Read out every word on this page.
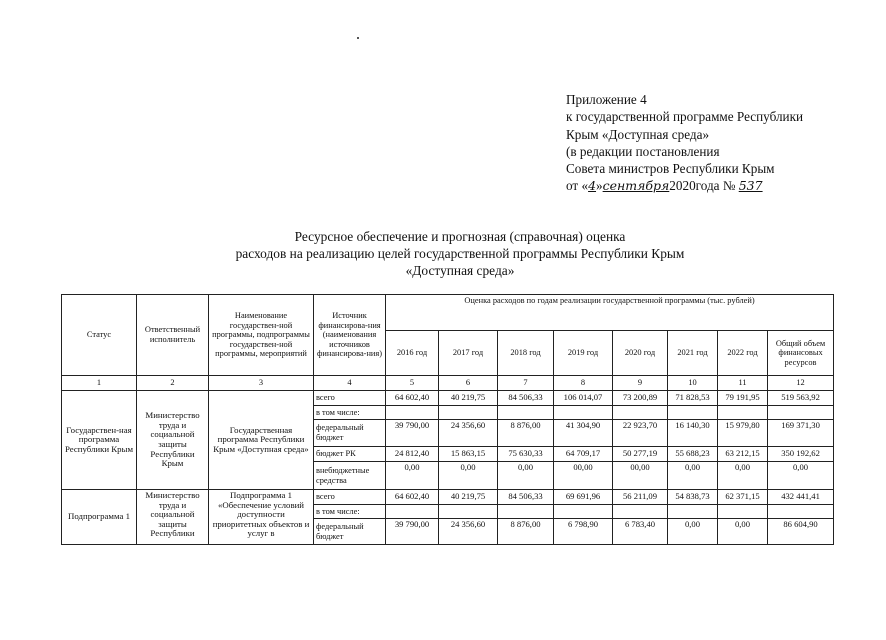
Приложение 4
к государственной программе Республики
Крым «Доступная среда»
(в редакции постановления
Совета министров Республики Крым
от «4»сентября2020года № 537
Ресурсное обеспечение и прогнозная (справочная) оценка
расходов на реализацию целей государственной программы Республики Крым
«Доступная среда»
Статус	Ответственный исполнитель	Наименование государствен-ной программы, подпрограммы государствен-ной программы, мероприятий	Источник финансирова-ния (наименования источников финансирова-ния)	Оценка расходов по годам реализации государственной программы (тыс. рублей)							
				2016 год	2017 год	2018 год	2019 год	2020 год	2021 год	2022 год	Общий объем финансовых ресурсов
1	2	3	4	5	6	7	8	9	10	11	12
Государствен-ная программа Республики Крым	Министерство труда и социальной защиты Республики Крым	Государственная программа Республики Крым «Доступная среда»	всего	64 602,40	40 219,75	84 506,33	106 014,07	73 200,89	71 828,53	79 191,95	519 563,92
			в том числе:								
			федеральный бюджет	39 790,00	24 356,60	8 876,00	41 304,90	22 923,70	16 140,30	15 979,80	169 371,30
			бюджет РК	24 812,40	15 863,15	75 630,33	64 709,17	50 277,19	55 688,23	63 212,15	350 192,62
			внебюджетные средства	0,00	0,00	0,00	00,00	00,00	0,00	0,00	0,00
Подпрограмма 1	Министерство труда и социальной защиты Республики	Подпрограмма 1 «Обеспечение условий доступности приоритетных объектов и услуг в	всего	64 602,40	40 219,75	84 506,33	69 691,96	56 211,09	54 838,73	62 371,15	432 441,41
			в том числе:								
			федеральный бюджет	39 790,00	24 356,60	8 876,00	6 798,90	6 783,40	0,00	0,00	86 604,90
